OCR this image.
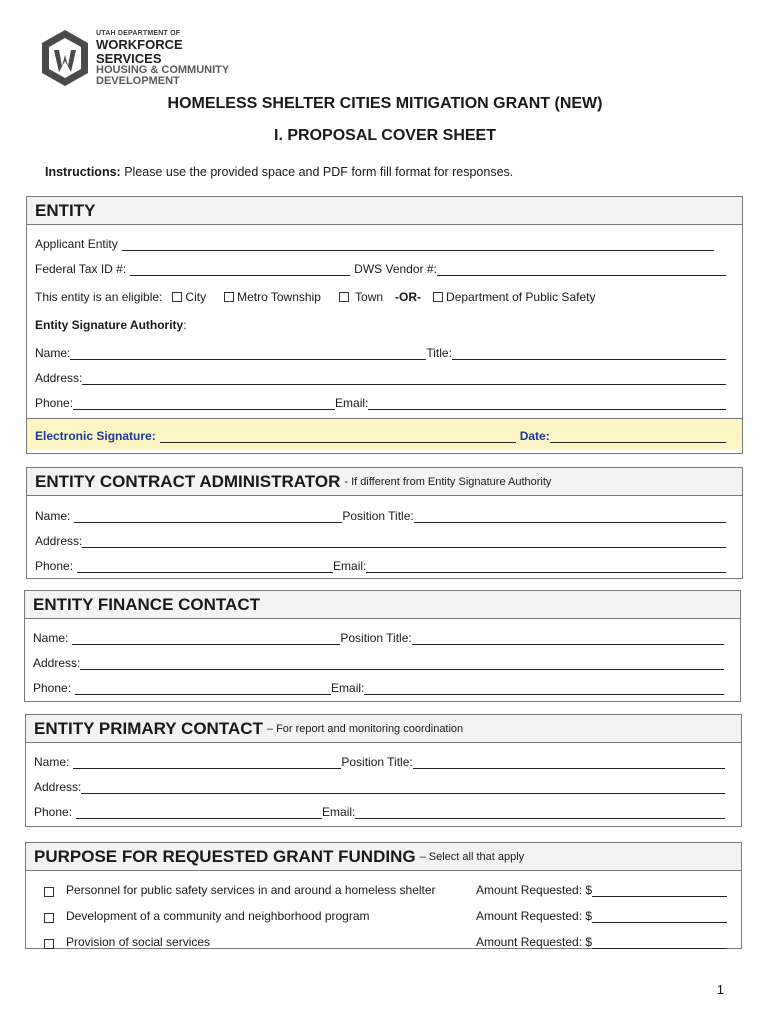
UTAH DEPARTMENT OF
WORKFORCE
SERVICES
HOUSING & COMMUNITY
DEVELOPMENT
HOMELESS SHELTER CITIES MITIGATION GRANT (NEW)
I. PROPOSAL COVER SHEET
Instructions: Please use the provided space and PDF form fill format for responses.
ENTITY
Applicant Entity
Federal Tax ID #:	DWS Vendor #:
This entity is an eligible:	City	Metro Township	Town -OR-	Department of Public Safety
Entity Signature Authority :
Name:	Title:
Address:
Phone:	Email:
Electronic Signature:	Date:
ENTITY CONTRACT ADMINISTRATOR - If different from Entity Signature Authority
Name:	Position Title:
Address:
Phone:	Email:
ENTITY FINANCE CONTACT
Name:	Position Title:
Address:
Phone:	Email:
ENTITY PRIMARY CONTACT – For report and monitoring coordination
Name:	Position Title:
Address:
Phone:	Email:
PURPOSE FOR REQUESTED GRANT FUNDING – Select all that apply
Personnel for public safety services in and around a homeless shelter	Amount Requested: $
Development of a community and neighborhood program	Amount Requested: $
Provision of social services	Amount Requested: $
1
